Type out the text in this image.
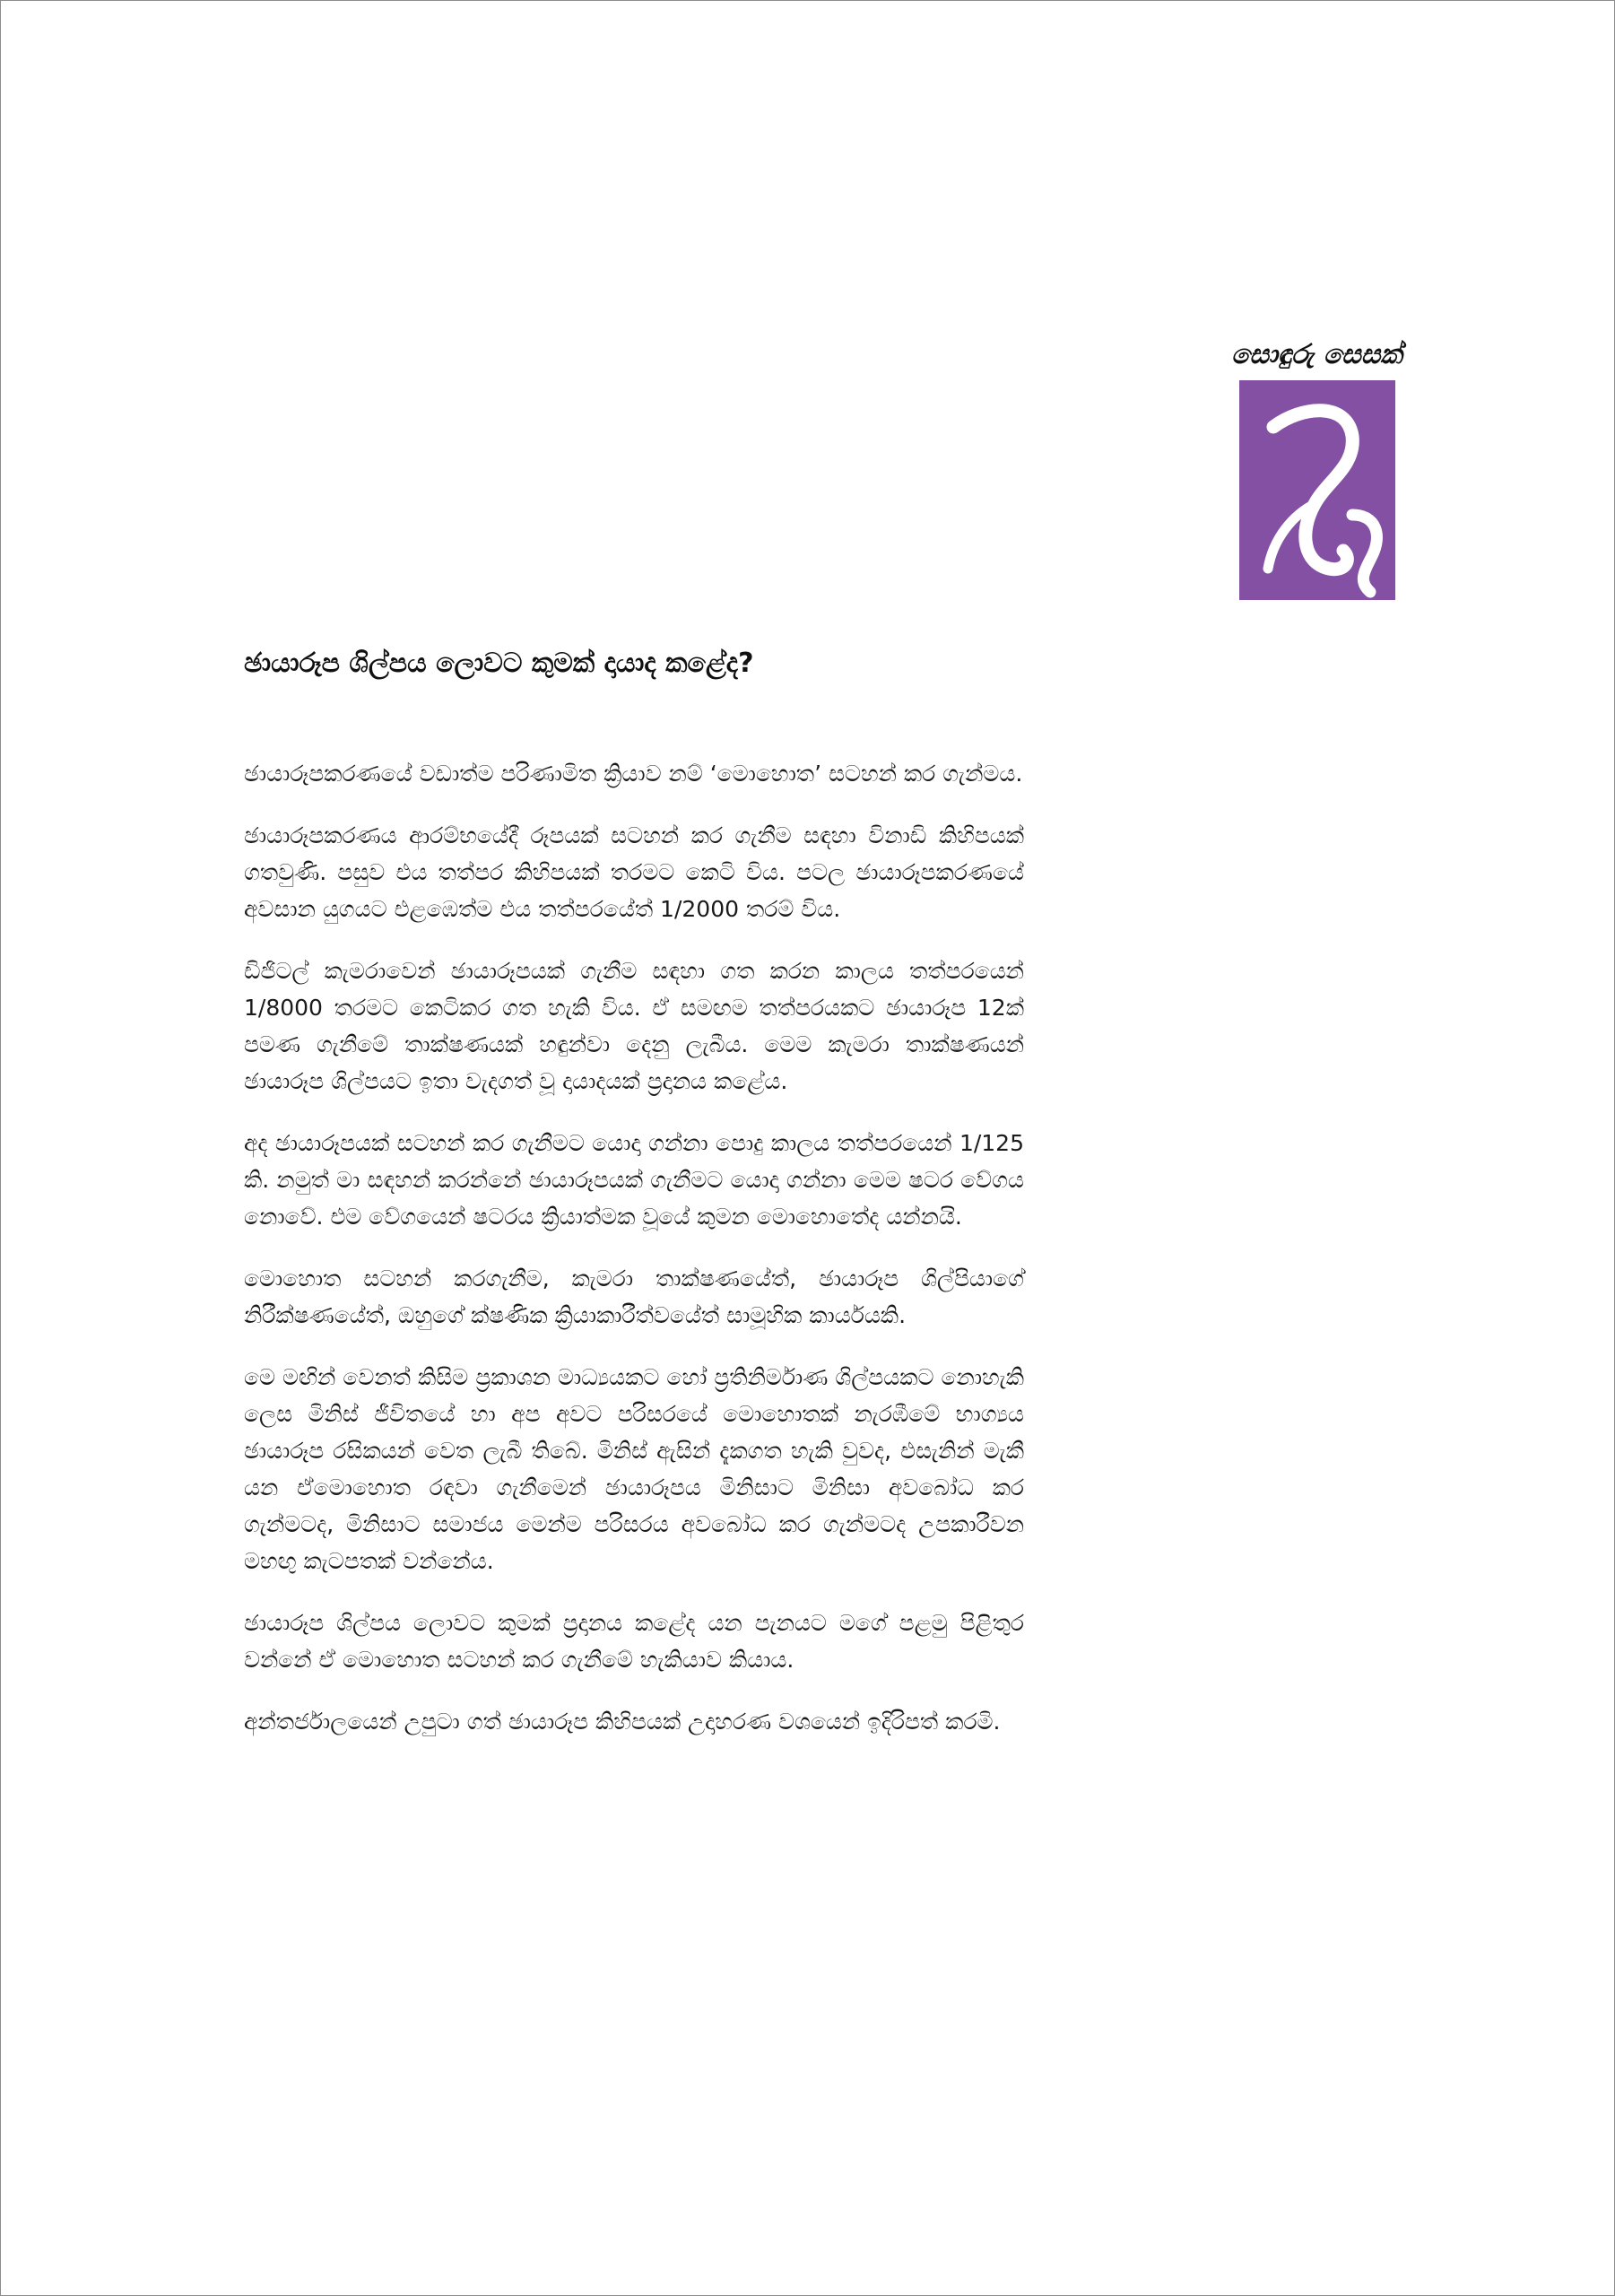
සොඳුරු සෙසක්
ඡායාරූප ශිල්පය ලොවට කුමක් දායාද කළේද?

ඡායාරූපකරණයේ වඩාත්ම පරිණාමිත ක්‍රියාව නම් ‘මොහොත’ සටහන් කර ගැන්මය.

ඡායාරූපකරණය ආරම්භයේදී රූපයක් සටහන් කර ගැනීම සඳහා විනාඩි කිහිපයක් ගතවුණි. පසුව එය තත්පර කිහිපයක් තරමට කෙටි විය. පටල ඡායාරූපකරණයේ අවසාන යුගයට එළඹෙත්ම එය තත්පරයේත් 1/2000 තරම් විය.

ඩිජිටල් කැමරාවෙන් ඡායාරූපයක් ගැනීම සඳහා ගත කරන කාලය තත්පරයෙන් 1/8000 තරමට කෙටිකර ගත හැකි විය. ඒ සමඟම තත්පරයකට ඡායාරූප 12ක් පමණ ගැනීමේ තාක්ෂණයක් හඳුන්වා දෙනු ලැබීය. මෙම කැමරා තාක්ෂණයන් ඡායාරූප ශිල්පයට ඉතා වැදගත් වූ දායාදයක් ප්‍රදානය කළේය.

අද ඡායාරූපයක් සටහන් කර ගැනීමට යොදා ගන්නා පොදු කාලය තත්පරයෙන් 1/125 කි. නමුත් මා සඳහන් කරන්නේ ඡායාරූපයක් ගැනීමට යොදා ගන්නා මෙම ෂටර වේගය නොවේ. එම වේගයෙන් ෂටරය ක්‍රියාත්මක වූයේ කුමන මොහොතේද යන්නයි.

මොහොත සටහන් කරගැනීම, කැමරා තාක්ෂණයේත්, ඡායාරූප ශිල්පියාගේ නිරීක්ෂණයේත්, ඔහුගේ ක්ෂණික ක්‍රියාකාරීත්වයේත් සාමූහික කාර්යයකි.

මෙ මඟින් වෙනත් කිසිම ප්‍රකාශන මාධ්‍යයකට හෝ ප්‍රතිනිර්මාණ ශිල්පයකට නොහැකි ලෙස මිනිස් ජීවිතයේ හා අප අවට පරිසරයේ මොහොතක් නැරඹීමේ භාග්‍යය ඡායාරූප රසිකයන් වෙත ලැබී තිබේ. මිනිස් ඇසින් දැකගත හැකි වුවද, එසැනින් මැකී යන ඒමොහොත රඳවා ගැනීමෙන් ඡායාරූපය මිනිසාට මිනිසා අවබෝධ කර ගැන්මටද, මිනිසාට සමාජය මෙන්ම පරිසරය අවබෝධ කර ගැන්මටද උපකාරීවන මහඟු කැටපතක් වන්නේය.

ඡායාරූප ශිල්පය ලොවට කුමක් ප්‍රදානය කළේද යන පැනයට මගේ පළමු පිළිතුර වන්නේ ඒ මොහොත සටහන් කර ගැනීමේ හැකියාව කියාය.

අන්තර්ජාලයෙන් උපුටා ගත් ඡායාරූප කිහිපයක් උදාහරණ වශයෙන් ඉදිරිපත් කරමි.
